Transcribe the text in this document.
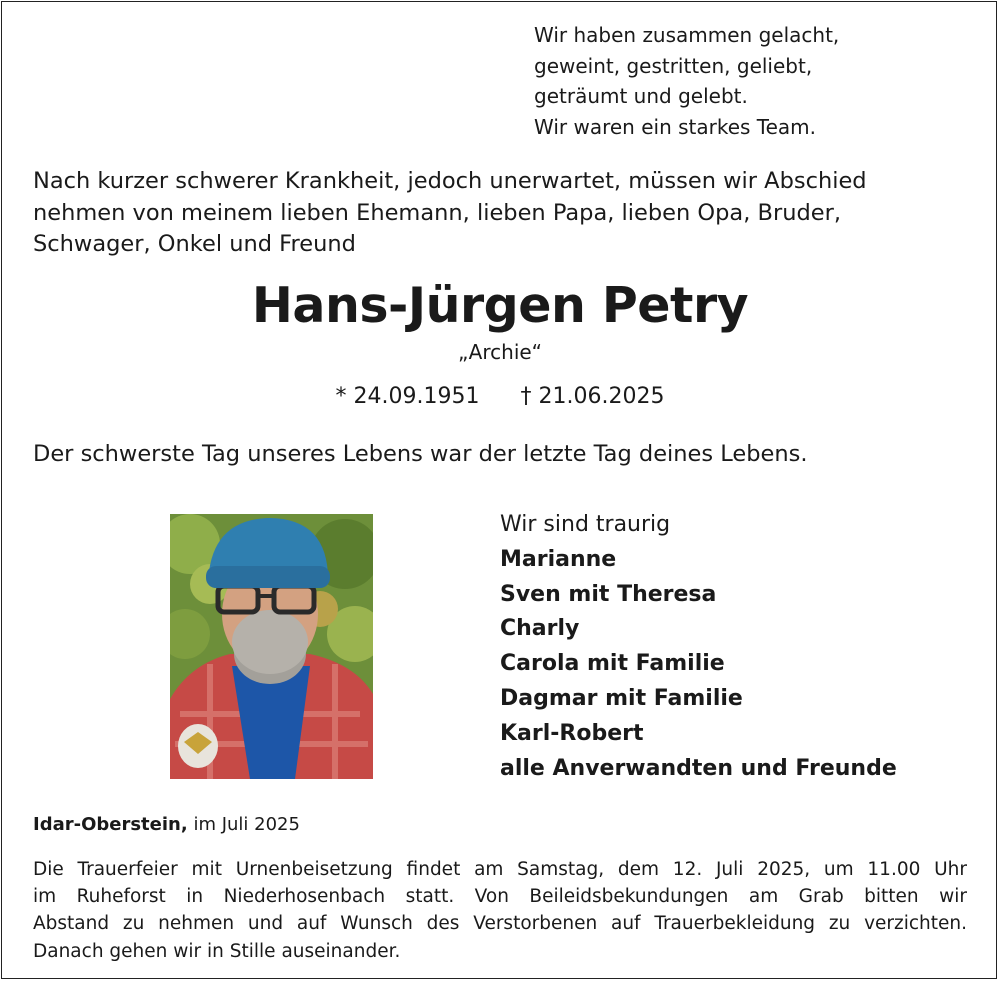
Wir haben zusammen gelacht,
geweint, gestritten, geliebt,
geträumt und gelebt.
Wir waren ein starkes Team.
Nach kurzer schwerer Krankheit, jedoch unerwartet, müssen wir Abschied
nehmen von meinem lieben Ehemann, lieben Papa, lieben Opa, Bruder,
Schwager, Onkel und Freund
Hans-Jürgen Petry
„Archie“
* 24.09.1951 † 21.06.2025
Der schwerste Tag unseres Lebens war der letzte Tag deines Lebens.
Wir sind traurig
Marianne
Sven mit Theresa
Charly
Carola mit Familie
Dagmar mit Familie
Karl-Robert
alle Anverwandten und Freunde
Idar-Oberstein, im Juli 2025
Die Trauerfeier mit Urnenbeisetzung findet am Samstag, dem 12. Juli 2025, um 11.00 Uhr
im Ruheforst in Niederhosenbach statt. Von Beileidsbekundungen am Grab bitten wir
Abstand zu nehmen und auf Wunsch des Verstorbenen auf Trauerbekleidung zu verzichten.
Danach gehen wir in Stille auseinander.
